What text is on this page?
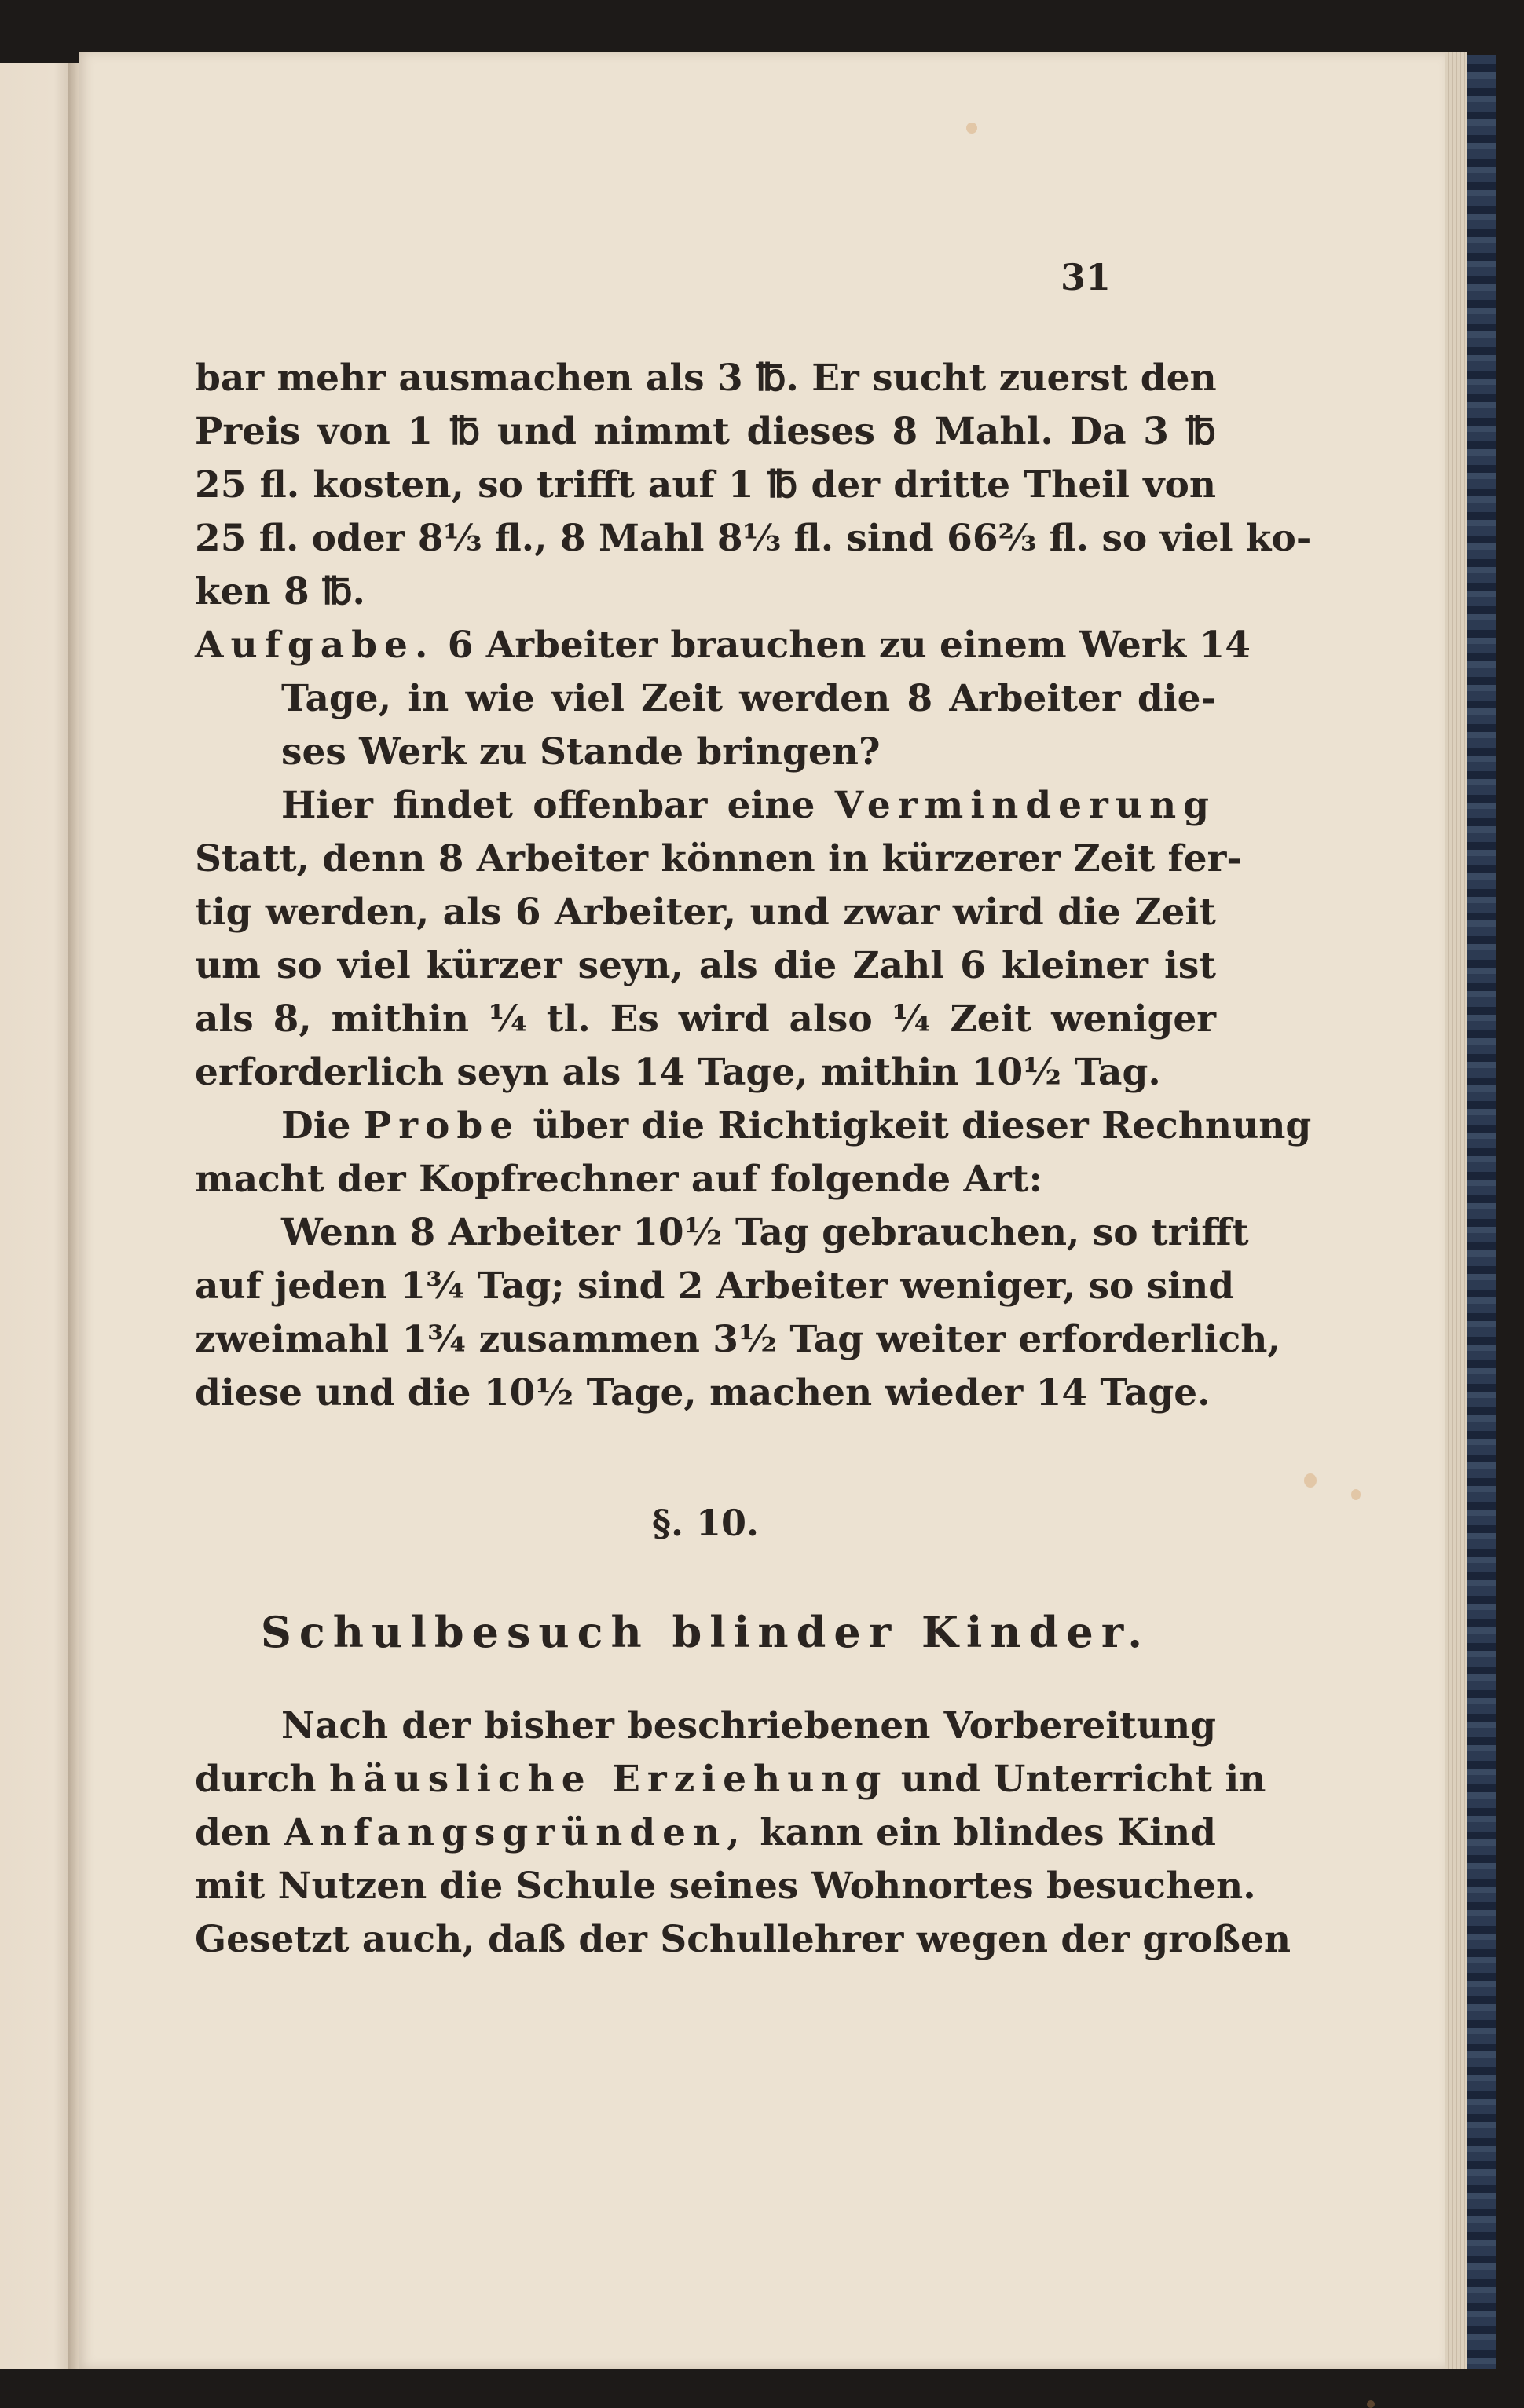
31
bar mehr ausmachen als 3 ℔. Er sucht zuerst den
Preis von 1 ℔ und nimmt dieses 8 Mahl. Da 3 ℔
25 fl. kosten, so trifft auf 1 ℔ der dritte Theil von
25 fl. oder 8⅓ fl., 8 Mahl 8⅓ fl. sind 66⅔ fl. so viel ko-
ken 8 ℔.
Aufgabe. 6 Arbeiter brauchen zu einem Werk 14
Tage, in wie viel Zeit werden 8 Arbeiter die-
ses Werk zu Stande bringen?
Hier findet offenbar eine Verminderung
Statt, denn 8 Arbeiter können in kürzerer Zeit fer-
tig werden, als 6 Arbeiter, und zwar wird die Zeit
um so viel kürzer seyn, als die Zahl 6 kleiner ist
als 8, mithin ¼ tl. Es wird also ¼ Zeit weniger
erforderlich seyn als 14 Tage, mithin 10½ Tag.
Die Probe über die Richtigkeit dieser Rechnung
macht der Kopfrechner auf folgende Art:
Wenn 8 Arbeiter 10½ Tag gebrauchen, so trifft
auf jeden 1¾ Tag; sind 2 Arbeiter weniger, so sind
zweimahl 1¾ zusammen 3½ Tag weiter erforderlich,
diese und die 10½ Tage, machen wieder 14 Tage.
§. 10.
Schulbesuch blinder Kinder.
Nach der bisher beschriebenen Vorbereitung
durch häusliche Erziehung und Unterricht in
den Anfangsgründen, kann ein blindes Kind
mit Nutzen die Schule seines Wohnortes besuchen.
Gesetzt auch, daß der Schullehrer wegen der großen
